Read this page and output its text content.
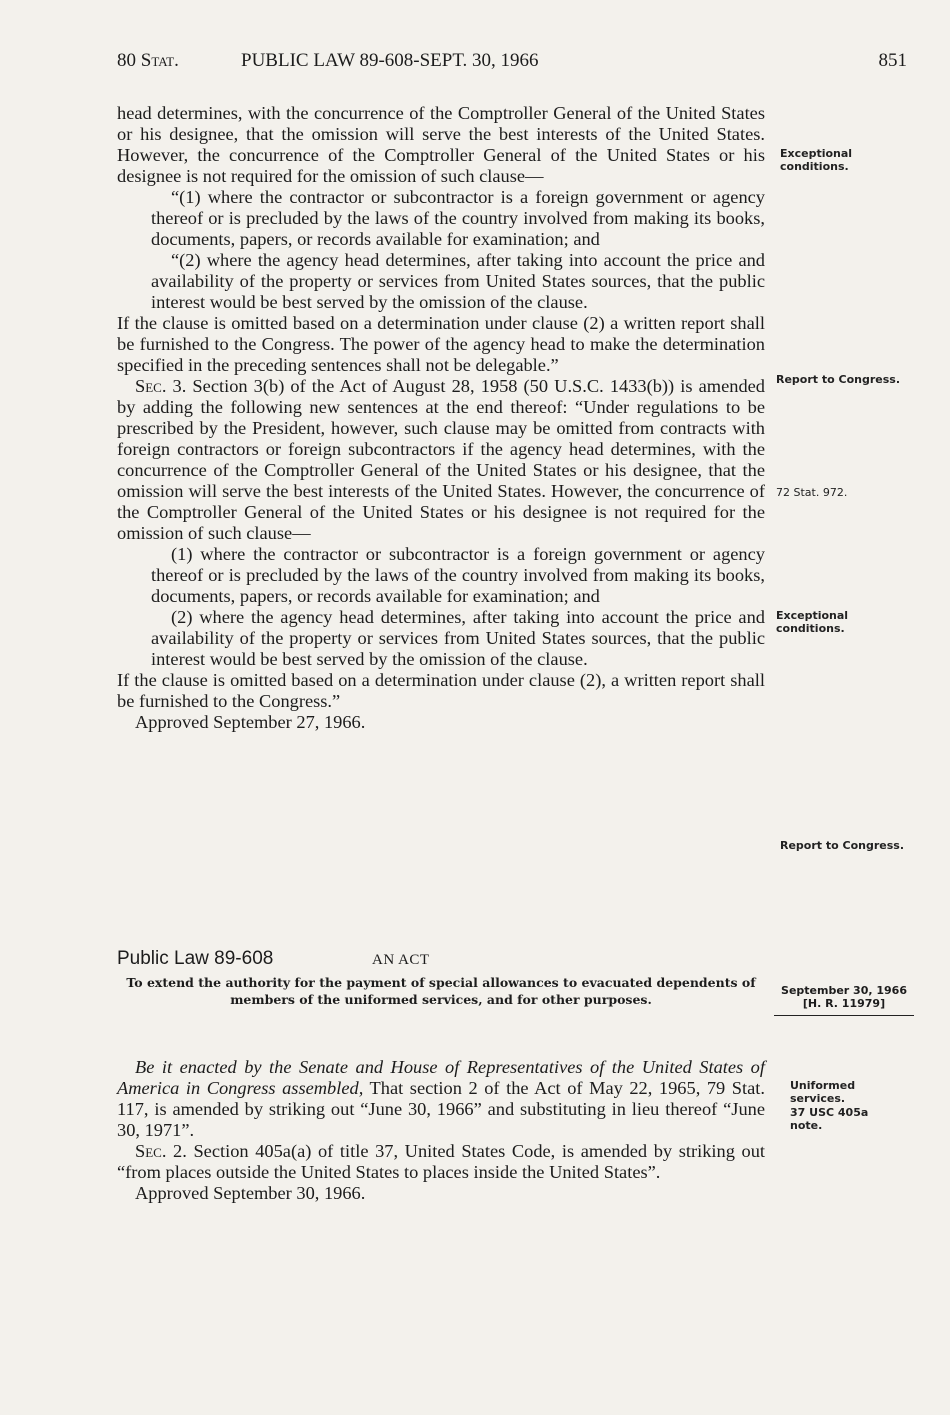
80 Stat.	PUBLIC LAW 89-608-SEPT. 30, 1966	851

head determines, with the concurrence of the Comptroller General of the United States or his designee, that the omission will serve the best interests of the United States. However, the concurrence of the Comptroller General of the United States or his designee is not required for the omission of such clause—

“(1) where the contractor or subcontractor is a foreign government or agency thereof or is precluded by the laws of the country involved from making its books, documents, papers, or records available for examination; and

“(2) where the agency head determines, after taking into account the price and availability of the property or services from United States sources, that the public interest would be best served by the omission of the clause.

If the clause is omitted based on a determination under clause (2) a written report shall be furnished to the Congress. The power of the agency head to make the determination specified in the preceding sentences shall not be delegable.”

Sec. 3. Section 3(b) of the Act of August 28, 1958 (50 U.S.C. 1433(b)) is amended by adding the following new sentences at the end thereof: “Under regulations to be prescribed by the President, however, such clause may be omitted from contracts with foreign contractors or foreign subcontractors if the agency head determines, with the concurrence of the Comptroller General of the United States or his designee, that the omission will serve the best interests of the United States. However, the concurrence of the Comptroller General of the United States or his designee is not required for the omission of such clause—

(1) where the contractor or subcontractor is a foreign government or agency thereof or is precluded by the laws of the country involved from making its books, documents, papers, or records available for examination; and

(2) where the agency head determines, after taking into account the price and availability of the property or services from United States sources, that the public interest would be best served by the omission of the clause.

If the clause is omitted based on a determination under clause (2), a written report shall be furnished to the Congress.”

Approved September 27, 1966.

Exceptional conditions.
Report to Congress.
72 Stat. 972.
Exceptional conditions.
Report to Congress.
Public Law 89-608	AN ACT
To extend the authority for the payment of special allowances to evacuated dependents of members of the uniformed services, and for other purposes.
September 30, 1966
[H. R. 11979]

Be it enacted by the Senate and House of Representatives of the United States of America in Congress assembled, That section 2 of the Act of May 22, 1965, 79 Stat. 117, is amended by striking out “June 30, 1966” and substituting in lieu thereof “June 30, 1971”.

Sec. 2. Section 405a(a) of title 37, United States Code, is amended by striking out “from places outside the United States to places inside the United States”.

Approved September 30, 1966.

Uniformed services.
37 USC 405a note.
